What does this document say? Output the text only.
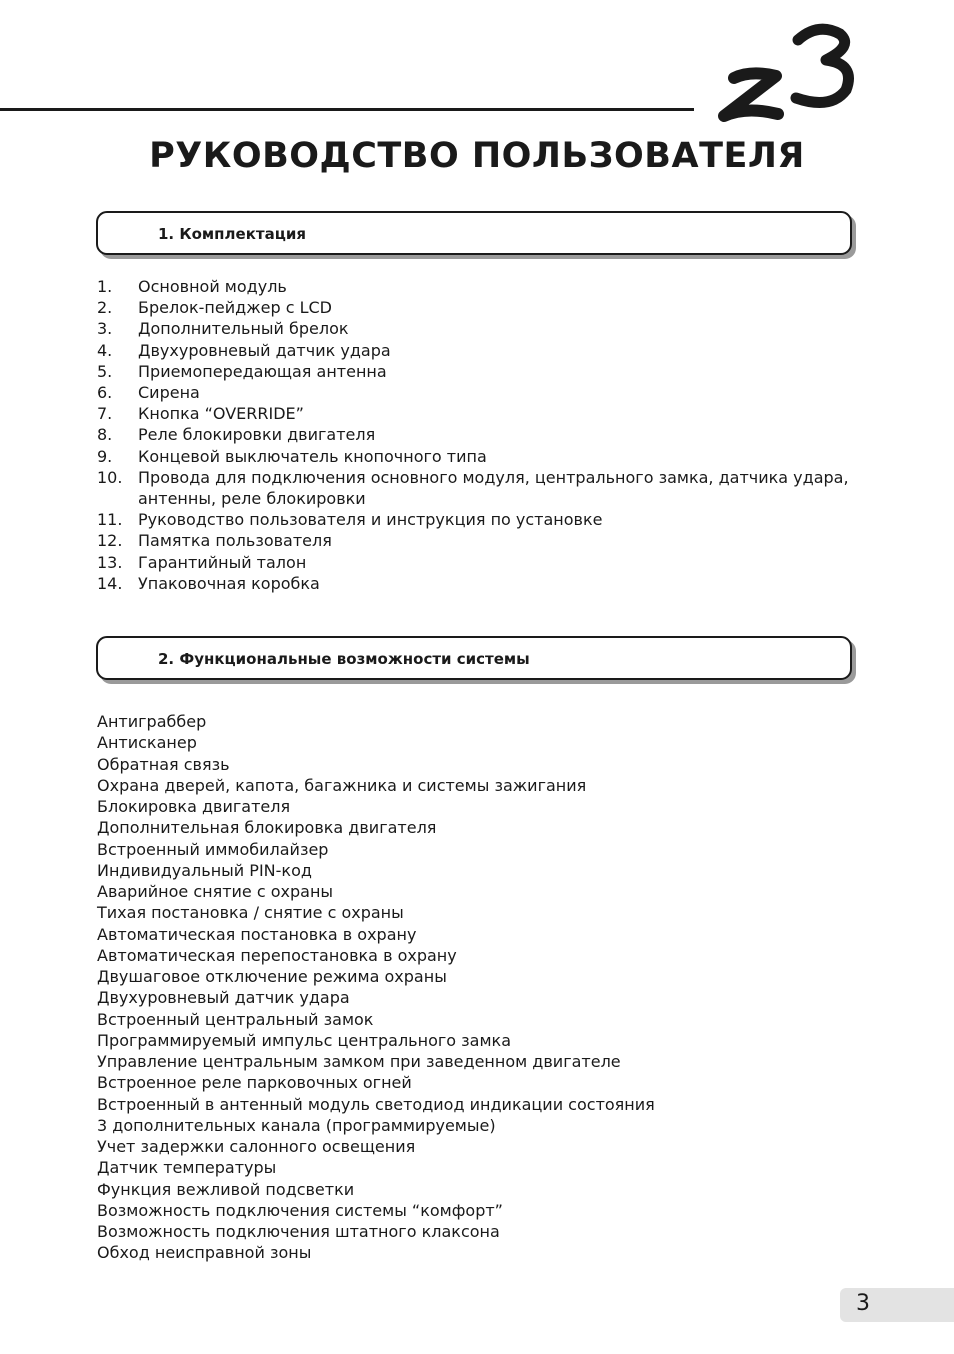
РУКОВОДСТВО ПОЛЬЗОВАТЕЛЯ
1. Комплектация
1. Основной модуль
2. Брелок-пейджер с LCD
3. Дополнительный брелок
4. Двухуровневый датчик удара
5. Приемопередающая антенна
6. Сирена
7. Кнопка “OVERRIDE”
8. Реле блокировки двигателя
9. Концевой выключатель кнопочного типа
10. Провода для подключения основного модуля, центрального замка, датчика удара, антенны, реле блокировки
11. Руководство пользователя и инструкция по установке
12. Памятка пользователя
13. Гарантийный талон
14. Упаковочная коробка
2. Функциональные возможности системы
Антиграббер
Антисканер
Обратная связь
Охрана дверей, капота, багажника и системы зажигания
Блокировка двигателя
Дополнительная блокировка двигателя
Встроенный иммобилайзер
Индивидуальный PIN-код
Аварийное снятие с охраны
Тихая постановка / снятие с охраны
Автоматическая постановка в охрану
Автоматическая перепостановка в охрану
Двушаговое отключение режима охраны
Двухуровневый датчик удара
Встроенный центральный замок
Программируемый импульс центрального замка
Управление центральным замком при заведенном двигателе
Встроенное реле парковочных огней
Встроенный в антенный модуль светодиод индикации состояния
3 дополнительных канала (программируемые)
Учет задержки салонного освещения
Датчик температуры
Функция вежливой подсветки
Возможность подключения системы “комфорт”
Возможность подключения штатного клаксона
Обход неисправной зоны
3
